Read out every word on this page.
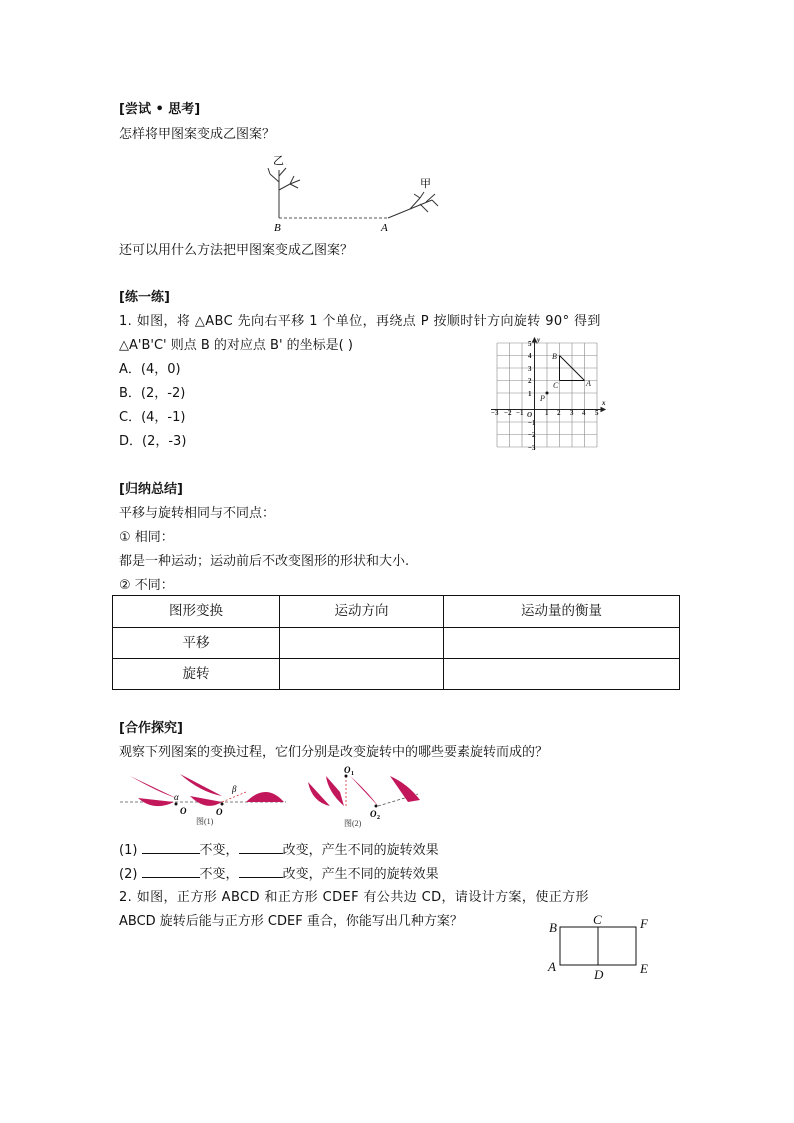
[尝试 • 思考]
怎样将甲图案变成乙图案？
乙
甲
B	A
还可以用什么方法把甲图案变成乙图案？
[练一练]
1. 如图，将 △ABC 先向右平移 1 个单位，再绕点 P 按顺时针方向旋转 90° 得到
△A'B'C' 则点 B 的对应点 B' 的坐标是( )
A．(4，0)
B．(2，-2)
C．(4，-1)
D．(2，-3)
x
y
O
−3 −2 −1	1 2 3 4 5
5
4
3
2
1
−1
−2
−3
B
A
C
P
[归纳总结]
平移与旋转相同与不同点：
① 相同：
都是一种运动；运动前后不改变图形的形状和大小.
② 不同：
图形变换	运动方向	运动量的衡量
平移
旋转
[合作探究]
观察下列图案的变换过程，它们分别是改变旋转中的哪些要素旋转而成的？
α
β
O	O
图(1)
O 1
O 2
图(2)
(1)	不变，	改变，产生不同的旋转效果
(2)	不变，	改变，产生不同的旋转效果
2. 如图，正方形 ABCD 和正方形 CDEF 有公共边 CD，请设计方案，使正方形
ABCD 旋转后能与正方形 CDEF 重合，你能写出几种方案？	B
C	F
A
D	E
